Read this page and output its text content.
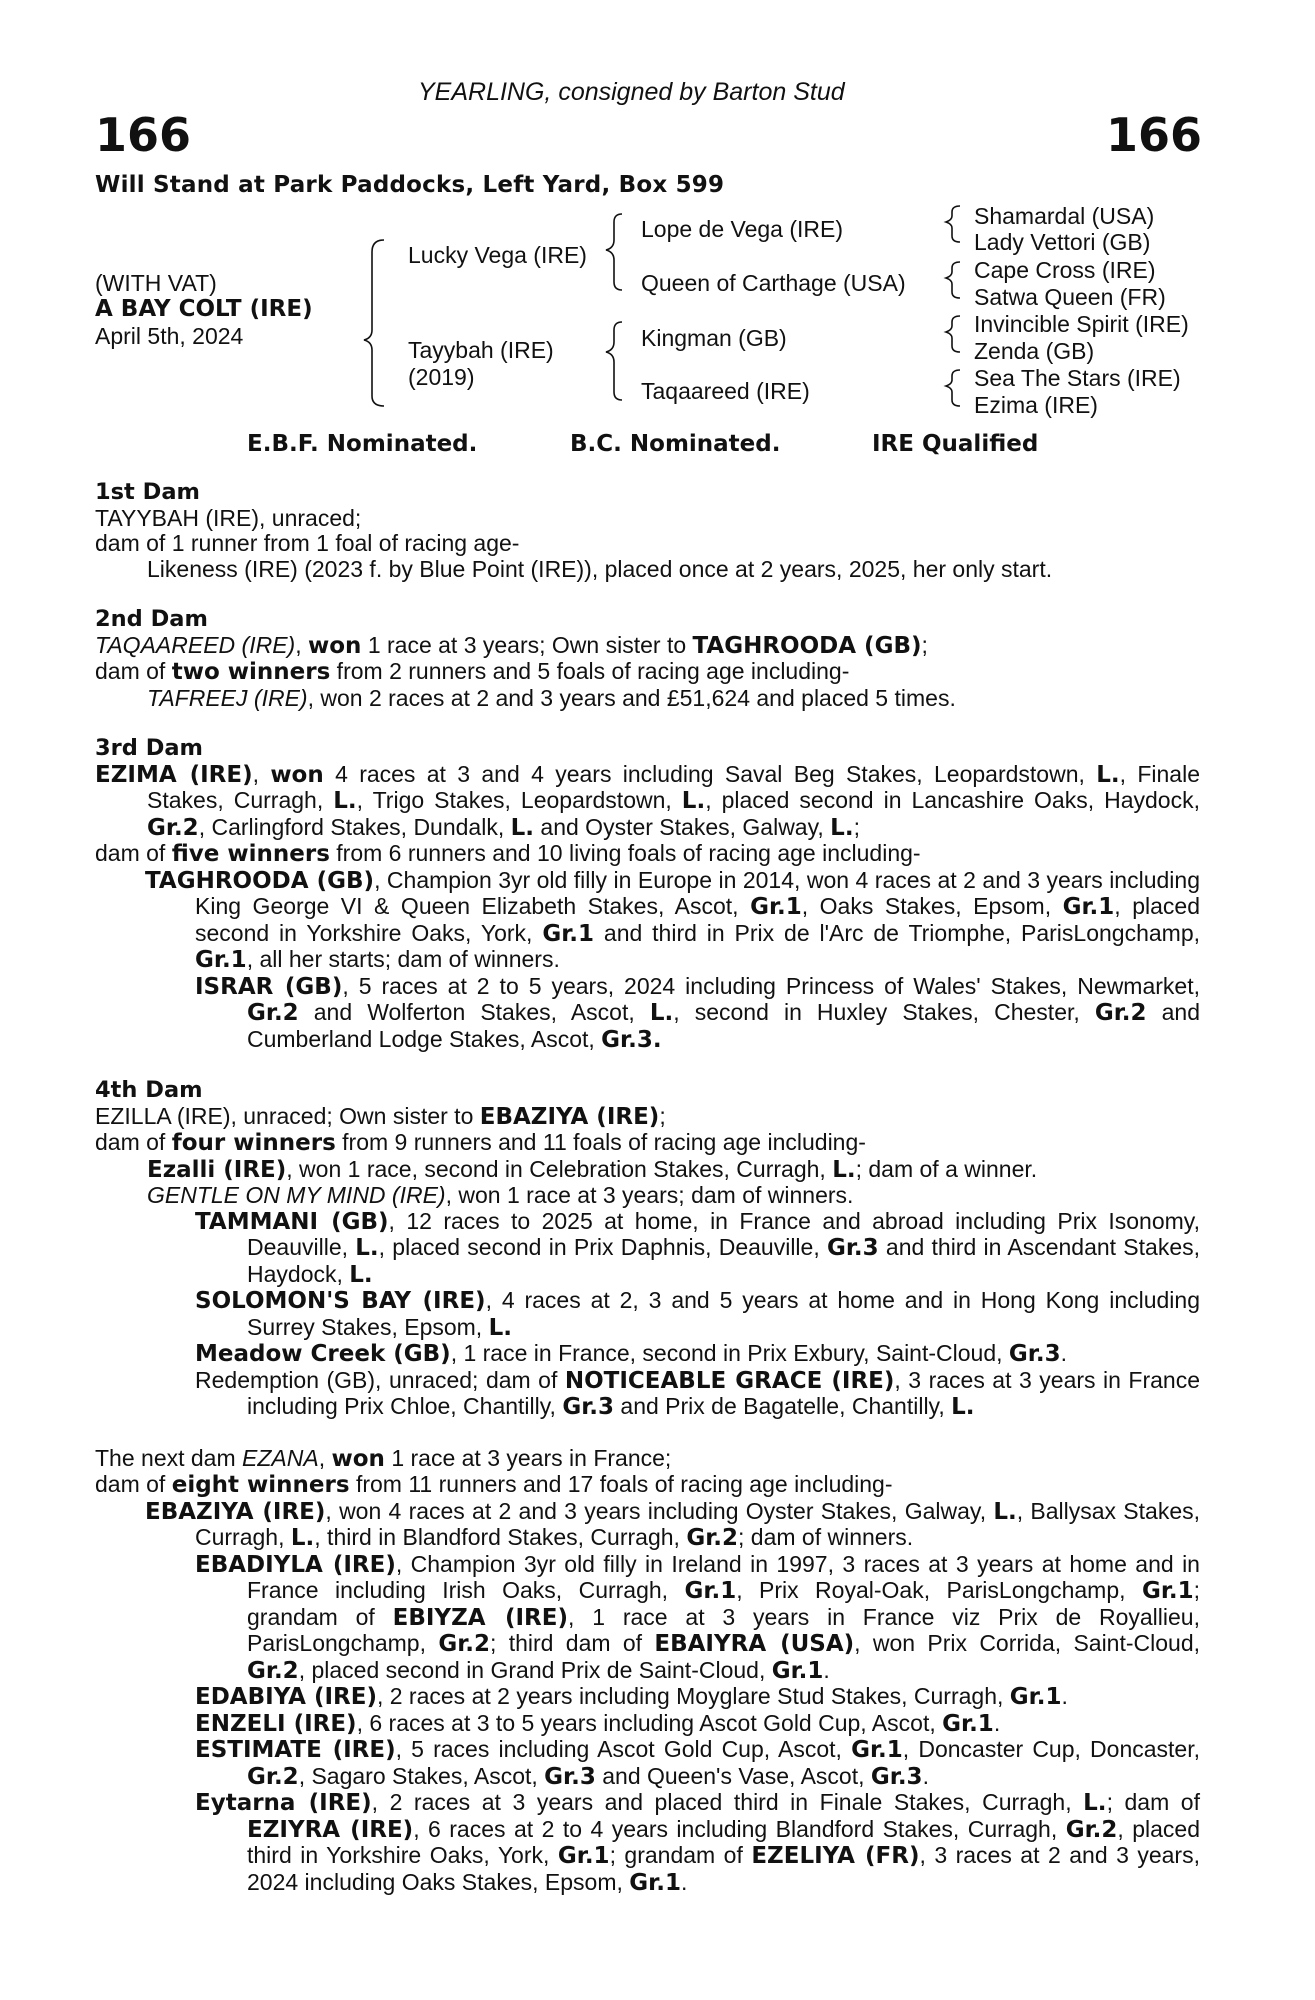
YEARLING, consigned by Barton Stud
166	166
Will Stand at Park Paddocks, Left Yard, Box 599
(WITH VAT)
A BAY COLT (IRE)
April 5th, 2024
Lucky Vega (IRE)
Tayybah (IRE)
(2019)
Lope de Vega (IRE)
Queen of Carthage (USA)
Kingman (GB)
Taqaareed (IRE)
Shamardal (USA)
Lady Vettori (GB)
Cape Cross (IRE)
Satwa Queen (FR)
Invincible Spirit (IRE)
Zenda (GB)
Sea The Stars (IRE)
Ezima (IRE)
E.B.F. Nominated.	B.C. Nominated.	IRE Qualified
1st Dam
TAYYBAH (IRE), unraced;
dam of 1 runner from 1 foal of racing age-
Likeness (IRE) (2023 f. by Blue Point (IRE)), placed once at 2 years, 2025, her only start.
2nd Dam
TAQAAREED (IRE), won 1 race at 3 years; Own sister to TAGHROODA (GB);
dam of two winners from 2 runners and 5 foals of racing age including-
TAFREEJ (IRE), won 2 races at 2 and 3 years and £51,624 and placed 5 times.
3rd Dam
EZIMA (IRE), won 4 races at 3 and 4 years including Saval Beg Stakes, Leopardstown, L., Finale Stakes, Curragh, L., Trigo Stakes, Leopardstown, L., placed second in Lancashire Oaks, Haydock, Gr.2, Carlingford Stakes, Dundalk, L. and Oyster Stakes, Galway, L.;
dam of five winners from 6 runners and 10 living foals of racing age including-
TAGHROODA (GB), Champion 3yr old filly in Europe in 2014, won 4 races at 2 and 3 years including King George VI & Queen Elizabeth Stakes, Ascot, Gr.1, Oaks Stakes, Epsom, Gr.1, placed second in Yorkshire Oaks, York, Gr.1 and third in Prix de l'Arc de Triomphe, ParisLongchamp, Gr.1, all her starts; dam of winners.
ISRAR (GB), 5 races at 2 to 5 years, 2024 including Princess of Wales' Stakes, Newmarket, Gr.2 and Wolferton Stakes, Ascot, L., second in Huxley Stakes, Chester, Gr.2 and Cumberland Lodge Stakes, Ascot, Gr.3.
4th Dam
EZILLA (IRE), unraced; Own sister to EBAZIYA (IRE);
dam of four winners from 9 runners and 11 foals of racing age including-
Ezalli (IRE), won 1 race, second in Celebration Stakes, Curragh, L.; dam of a winner.
GENTLE ON MY MIND (IRE), won 1 race at 3 years; dam of winners.
TAMMANI (GB), 12 races to 2025 at home, in France and abroad including Prix Isonomy, Deauville, L., placed second in Prix Daphnis, Deauville, Gr.3 and third in Ascendant Stakes, Haydock, L.
SOLOMON'S BAY (IRE), 4 races at 2, 3 and 5 years at home and in Hong Kong including Surrey Stakes, Epsom, L.
Meadow Creek (GB), 1 race in France, second in Prix Exbury, Saint-Cloud, Gr.3.
Redemption (GB), unraced; dam of NOTICEABLE GRACE (IRE), 3 races at 3 years in France including Prix Chloe, Chantilly, Gr.3 and Prix de Bagatelle, Chantilly, L.
The next dam EZANA, won 1 race at 3 years in France;
dam of eight winners from 11 runners and 17 foals of racing age including-
EBAZIYA (IRE), won 4 races at 2 and 3 years including Oyster Stakes, Galway, L., Ballysax Stakes, Curragh, L., third in Blandford Stakes, Curragh, Gr.2; dam of winners.
EBADIYLA (IRE), Champion 3yr old filly in Ireland in 1997, 3 races at 3 years at home and in France including Irish Oaks, Curragh, Gr.1, Prix Royal-Oak, ParisLongchamp, Gr.1; grandam of EBIYZA (IRE), 1 race at 3 years in France viz Prix de Royallieu, ParisLongchamp, Gr.2; third dam of EBAIYRA (USA), won Prix Corrida, Saint-Cloud, Gr.2, placed second in Grand Prix de Saint-Cloud, Gr.1.
EDABIYA (IRE), 2 races at 2 years including Moyglare Stud Stakes, Curragh, Gr.1.
ENZELI (IRE), 6 races at 3 to 5 years including Ascot Gold Cup, Ascot, Gr.1.
ESTIMATE (IRE), 5 races including Ascot Gold Cup, Ascot, Gr.1, Doncaster Cup, Doncaster, Gr.2, Sagaro Stakes, Ascot, Gr.3 and Queen's Vase, Ascot, Gr.3.
Eytarna (IRE), 2 races at 3 years and placed third in Finale Stakes, Curragh, L.; dam of EZIYRA (IRE), 6 races at 2 to 4 years including Blandford Stakes, Curragh, Gr.2, placed third in Yorkshire Oaks, York, Gr.1; grandam of EZELIYA (FR), 3 races at 2 and 3 years, 2024 including Oaks Stakes, Epsom, Gr.1.
